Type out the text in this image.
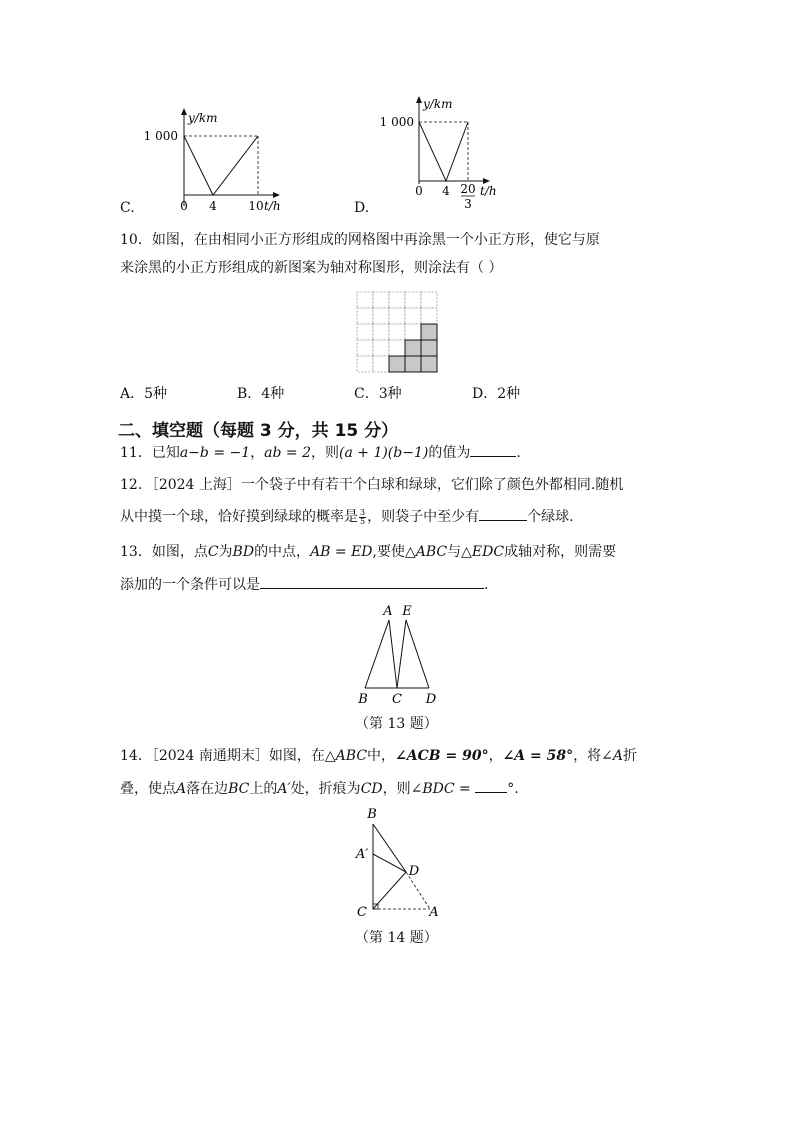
C.
y/km
1 000
0 4	10 t/h	D.
y/km
1 000
0 4 20
3
t/h
10．如图，在由相同小正方形组成的网格图中再涂黑一个小正方形，使它与原
来涂黑的小正方形组成的新图案为轴对称图形，则涂法有（ ）
A．5种	B．4种	C．3种	D．2种
二、填空题（每题 3 分，共 15 分）
11．已知a−b = −1，ab = 2，则(a + 1)(b−1)的值为	.
12．［2024 上海］一个袋子中有若干个白球和绿球，它们除了颜色外都相同.随机
从中摸一个球，恰好摸到绿球的概率是 $\frac{3}{5}$ ，则袋子中至少有	个绿球.
13．如图，点C为BD的中点，AB = ED,要使△ABC与△EDC成轴对称，则需要
添加的一个条件可以是	.
A E
B C D
（第 13 题）
14．［2024 南通期末］如图，在△ABC中，∠ACB = 90°，∠A = 58°，将∠A折
叠，使点A落在边BC上的A′处，折痕为CD，则∠BDC =	°.
B
A′
D
C	A
（第 14 题）
